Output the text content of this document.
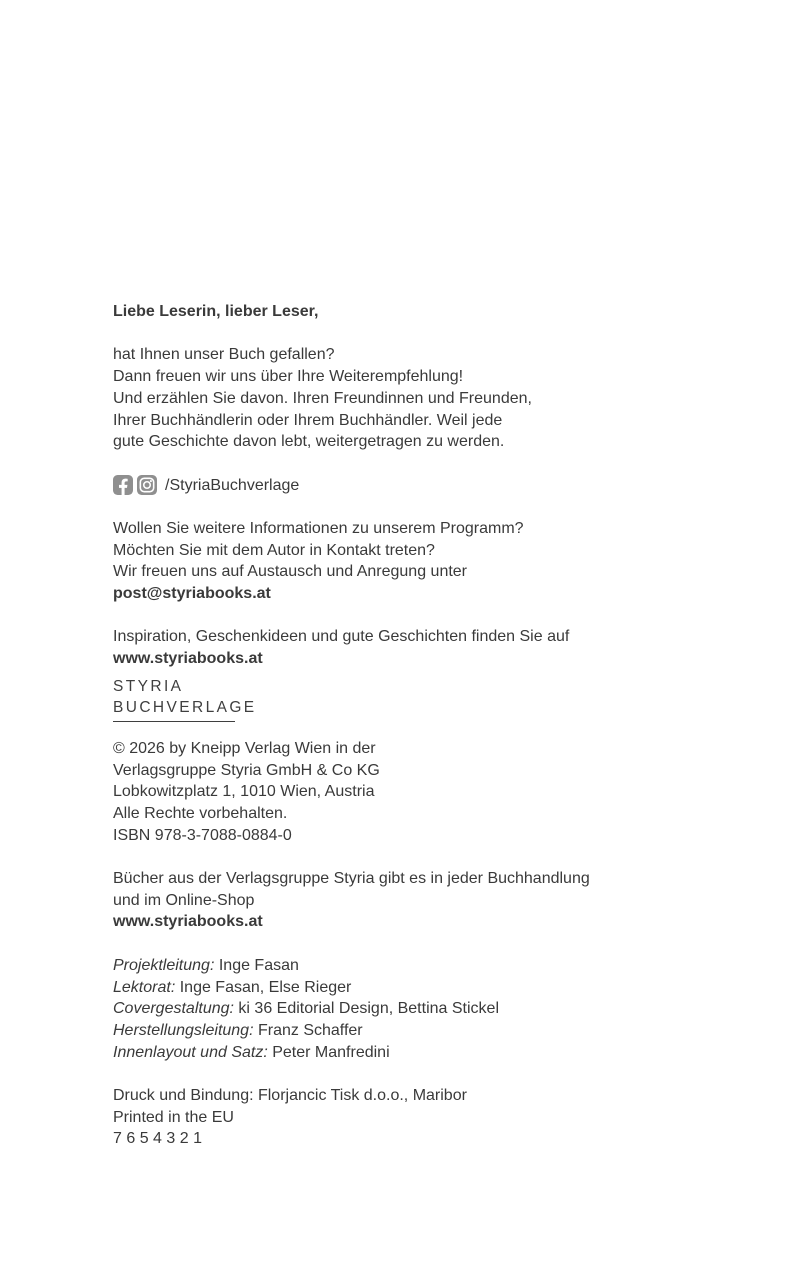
Liebe Leserin, lieber Leser,
hat Ihnen unser Buch gefallen?
Dann freuen wir uns über Ihre Weiterempfehlung!
Und erzählen Sie davon. Ihren Freundinnen und Freunden,
Ihrer Buchhändlerin oder Ihrem Buchhändler. Weil jede
gute Geschichte davon lebt, weitergetragen zu werden.
/StyriaBuchverlage
Wollen Sie weitere Informationen zu unserem Programm?
Möchten Sie mit dem Autor in Kontakt treten?
Wir freuen uns auf Austausch und Anregung unter
post@styriabooks.at
Inspiration, Geschenkideen und gute Geschichten finden Sie auf
www.styriabooks.at
STYRIA
BUCHVERLAGE
© 2026 by Kneipp Verlag Wien in der
Verlagsgruppe Styria GmbH & Co KG
Lobkowitzplatz 1, 1010 Wien, Austria
Alle Rechte vorbehalten.
ISBN 978-3-7088-0884-0
Bücher aus der Verlagsgruppe Styria gibt es in jeder Buchhandlung
und im Online-Shop
www.styriabooks.at
Projektleitung: Inge Fasan
Lektorat: Inge Fasan, Else Rieger
Covergestaltung: ki 36 Editorial Design, Bettina Stickel
Herstellungsleitung: Franz Schaffer
Innenlayout und Satz: Peter Manfredini
Druck und Bindung: Florjancic Tisk d.o.o., Maribor
Printed in the EU
7 6 5 4 3 2 1
